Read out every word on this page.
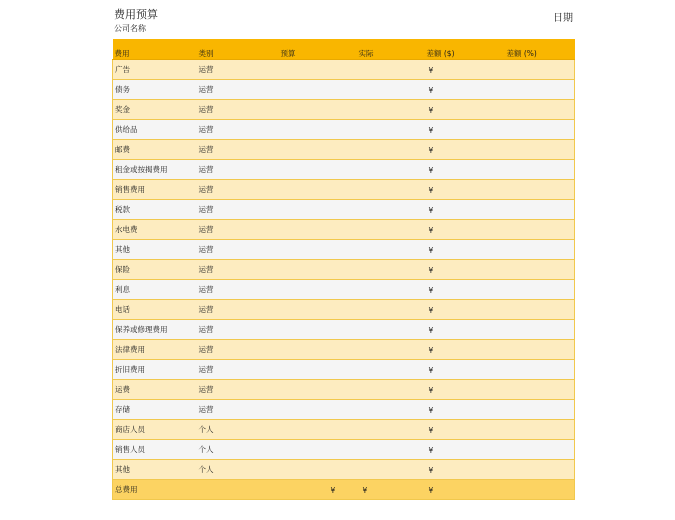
费用预算
公司名称
日期
费用	类别	预算	实际	差额 ($)	差额 (%)
广告	运营			¥

债务	运营			¥

奖金	运营			¥

供给品	运营			¥

邮费	运营			¥

租金或按揭费用	运营			¥

销售费用	运营			¥

税款	运营			¥

水电费	运营			¥

其他	运营			¥

保险	运营			¥

利息	运营			¥

电话	运营			¥

保养或修理费用	运营			¥

法律费用	运营			¥

折旧费用	运营			¥

运费	运营			¥

存储	运营			¥

商店人员	个人			¥

销售人员	个人			¥

其他	个人			¥

总费用		¥	¥	¥
